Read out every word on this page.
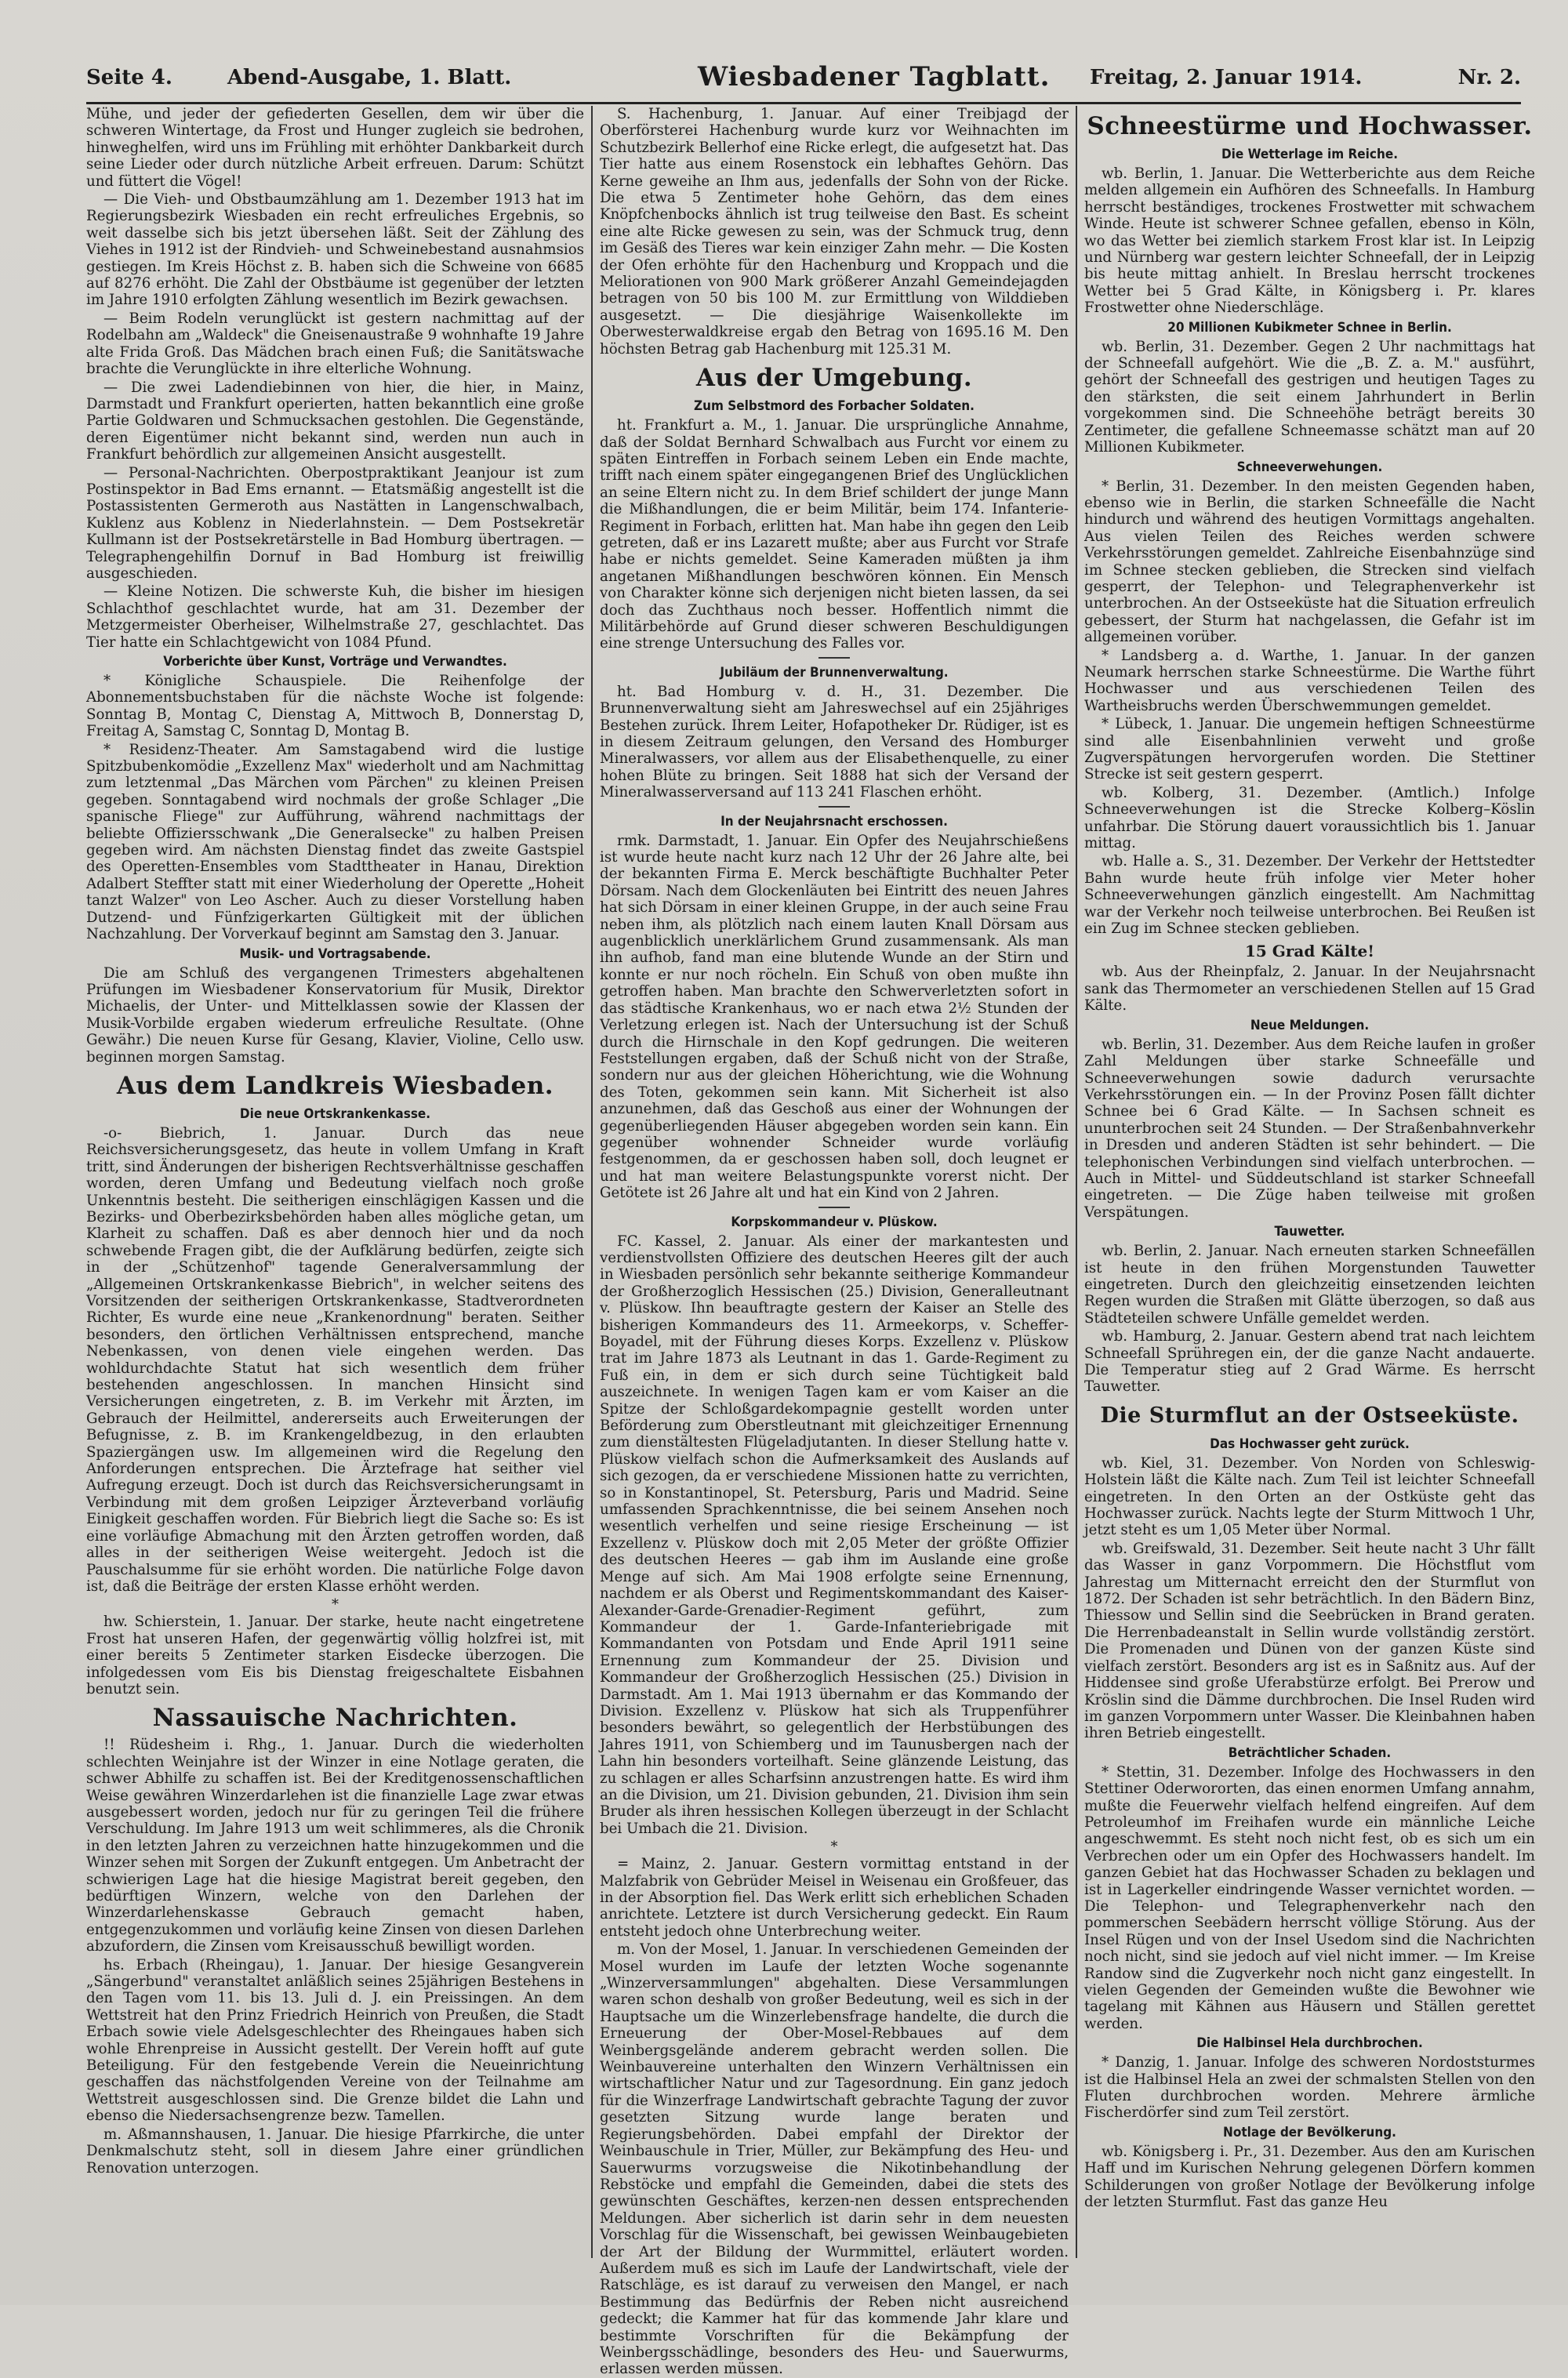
Seite 4.	Abend-Ausgabe, 1. Blatt.	Wiesbadener Tagblatt. Freitag, 2. Januar 1914.	Nr. 2.

Mühe, und jeder der gefiederten Gesellen, dem wir über die schweren Wintertage, da Frost und Hunger zugleich sie bedrohen, hinweghelfen, wird uns im Frühling mit erhöhter Dankbarkeit durch seine Lieder oder durch nützliche Arbeit erfreuen. Darum: Schützt und füttert die Vögel!

— Die Vieh- und Obstbaumzählung am 1. Dezember 1913 hat im Regierungsbezirk Wiesbaden ein recht erfreuliches Ergebnis, so weit dasselbe sich bis jetzt übersehen läßt. Seit der Zählung des Viehes in 1912 ist der Rindvieh- und Schweinebestand ausnahmsios gestiegen. Im Kreis Höchst z. B. haben sich die Schweine von 6685 auf 8276 erhöht. Die Zahl der Obstbäume ist gegenüber der letzten im Jahre 1910 erfolgten Zählung wesentlich im Bezirk gewachsen.

— Beim Rodeln verunglückt ist gestern nachmittag auf der Rodelbahn am „Waldeck" die Gneisenaustraße 9 wohnhafte 19 Jahre alte Frida Groß. Das Mädchen brach einen Fuß; die Sanitätswache brachte die Verunglückte in ihre elterliche Wohnung.

— Die zwei Ladendiebinnen von hier, die hier, in Mainz, Darmstadt und Frankfurt operierten, hatten bekanntlich eine große Partie Goldwaren und Schmucksachen gestohlen. Die Gegenstände, deren Eigentümer nicht bekannt sind, werden nun auch in Frankfurt behördlich zur allgemeinen Ansicht ausgestellt.

— Personal-Nachrichten. Oberpostpraktikant Jeanjour ist zum Postinspektor in Bad Ems ernannt. — Etatsmäßig angestellt ist die Postassistenten Germeroth aus Nastätten in Langenschwalbach, Kuklenz aus Koblenz in Niederlahnstein. — Dem Postsekretär Kullmann ist der Postsekretärstelle in Bad Homburg übertragen. — Telegraphengehilfin Dornuf in Bad Homburg ist freiwillig ausgeschieden.

— Kleine Notizen. Die schwerste Kuh, die bisher im hiesigen Schlachthof geschlachtet wurde, hat am 31. Dezember der Metzgermeister Oberheiser, Wilhelmstraße 27, geschlachtet. Das Tier hatte ein Schlachtgewicht von 1084 Pfund.

Vorberichte über Kunst, Vorträge und Verwandtes.

* Königliche Schauspiele. Die Reihenfolge der Abonnementsbuchstaben für die nächste Woche ist folgende: Sonntag B, Montag C, Dienstag A, Mittwoch B, Donnerstag D, Freitag A, Samstag C, Sonntag D, Montag B.

* Residenz-Theater. Am Samstagabend wird die lustige Spitzbubenkomödie „Exzellenz Max" wiederholt und am Nachmittag zum letztenmal „Das Märchen vom Pärchen" zu kleinen Preisen gegeben. Sonntagabend wird nochmals der große Schlager „Die spanische Fliege" zur Aufführung, während nachmittags der beliebte Offiziersschwank „Die Generalsecke" zu halben Preisen gegeben wird. Am nächsten Dienstag findet das zweite Gastspiel des Operetten-Ensembles vom Stadttheater in Hanau, Direktion Adalbert Steffter statt mit einer Wiederholung der Operette „Hoheit tanzt Walzer" von Leo Ascher. Auch zu dieser Vorstellung haben Dutzend- und Fünfzigerkarten Gültigkeit mit der üblichen Nachzahlung. Der Vorverkauf beginnt am Samstag den 3. Januar.

Musik- und Vortragsabende.

Die am Schluß des vergangenen Trimesters abgehaltenen Prüfungen im Wiesbadener Konservatorium für Musik, Direktor Michaelis, der Unter- und Mittelklassen sowie der Klassen der Musik-Vorbilde ergaben wiederum erfreuliche Resultate. (Ohne Gewähr.) Die neuen Kurse für Gesang, Klavier, Violine, Cello usw. beginnen morgen Samstag.

Aus dem Landkreis Wiesbaden.
Die neue Ortskrankenkasse.

-o- Biebrich, 1. Januar. Durch das neue Reichsversicherungsgesetz, das heute in vollem Umfang in Kraft tritt, sind Änderungen der bisherigen Rechtsverhältnisse geschaffen worden, deren Umfang und Bedeutung vielfach noch große Unkenntnis besteht. Die seitherigen einschlägigen Kassen und die Bezirks- und Oberbezirksbehörden haben alles mögliche getan, um Klarheit zu schaffen. Daß es aber dennoch hier und da noch schwebende Fragen gibt, die der Aufklärung bedürfen, zeigte sich in der „Schützenhof" tagende Generalversammlung der „Allgemeinen Ortskrankenkasse Biebrich", in welcher seitens des Vorsitzenden der seitherigen Ortskrankenkasse, Stadtverordneten Richter, Es wurde eine neue „Krankenordnung" beraten. Seither besonders, den örtlichen Verhältnissen entsprechend, manche Nebenkassen, von denen viele eingehen werden. Das wohldurchdachte Statut hat sich wesentlich dem früher bestehenden angeschlossen. In manchen Hinsicht sind Versicherungen eingetreten, z. B. im Verkehr mit Ärzten, im Gebrauch der Heilmittel, andererseits auch Erweiterungen der Befugnisse, z. B. im Krankengeldbezug, in den erlaubten Spaziergängen usw. Im allgemeinen wird die Regelung den Anforderungen entsprechen. Die Ärztefrage hat seither viel Aufregung erzeugt. Doch ist durch das Reichsversicherungsamt in Verbindung mit dem großen Leipziger Ärzteverband vorläufig Einigkeit geschaffen worden. Für Biebrich liegt die Sache so: Es ist eine vorläufige Abmachung mit den Ärzten getroffen worden, daß alles in der seitherigen Weise weitergeht. Jedoch ist die Pauschalsumme für sie erhöht worden. Die natürliche Folge davon ist, daß die Beiträge der ersten Klasse erhöht werden.

*

hw. Schierstein, 1. Januar. Der starke, heute nacht eingetretene Frost hat unseren Hafen, der gegenwärtig völlig holzfrei ist, mit einer bereits 5 Zentimeter starken Eisdecke überzogen. Die infolgedessen vom Eis bis Dienstag freigeschaltete Eisbahnen benutzt sein.

Nassauische Nachrichten.

!! Rüdesheim i. Rhg., 1. Januar. Durch die wiederholten schlechten Weinjahre ist der Winzer in eine Notlage geraten, die schwer Abhilfe zu schaffen ist. Bei der Kreditgenossenschaftlichen Weise gewähren Winzerdarlehen ist die finanzielle Lage zwar etwas ausgebessert worden, jedoch nur für zu geringen Teil die frühere Verschuldung. Im Jahre 1913 um weit schlimmeres, als die Chronik in den letzten Jahren zu verzeichnen hatte hinzugekommen und die Winzer sehen mit Sorgen der Zukunft entgegen. Um Anbetracht der schwierigen Lage hat die hiesige Magistrat bereit gegeben, den bedürftigen Winzern, welche von den Darlehen der Winzerdarlehenskasse Gebrauch gemacht haben, entgegenzukommen und vorläufig keine Zinsen von diesen Darlehen abzufordern, die Zinsen vom Kreisausschuß bewilligt worden.

hs. Erbach (Rheingau), 1. Januar. Der hiesige Gesangverein „Sängerbund" veranstaltet anläßlich seines 25jährigen Bestehens in den Tagen vom 11. bis 13. Juli d. J. ein Preissingen. An dem Wettstreit hat den Prinz Friedrich Heinrich von Preußen, die Stadt Erbach sowie viele Adelsgeschlechter des Rheingaues haben sich wohle Ehrenpreise in Aussicht gestellt. Der Verein hofft auf gute Beteiligung. Für den festgebende Verein die Neueinrichtung geschaffen das nächstfolgenden Vereine von der Teilnahme am Wettstreit ausgeschlossen sind. Die Grenze bildet die Lahn und ebenso die Niedersachsengrenze bezw. Tamellen.

m. Aßmannshausen, 1. Januar. Die hiesige Pfarrkirche, die unter Denkmalschutz steht, soll in diesem Jahre einer gründlichen Renovation unterzogen.

S. Hachenburg, 1. Januar. Auf einer Treibjagd der Oberförsterei Hachenburg wurde kurz vor Weihnachten im Schutzbezirk Bellerhof eine Ricke erlegt, die aufgesetzt hat. Das Tier hatte aus einem Rosenstock ein lebhaftes Gehörn. Das Kerne geweihe an Ihm aus, jedenfalls der Sohn von der Ricke. Die etwa 5 Zentimeter hohe Gehörn, das dem eines Knöpfchenbocks ähnlich ist trug teilweise den Bast. Es scheint eine alte Ricke gewesen zu sein, was der Schmuck trug, denn im Gesäß des Tieres war kein einziger Zahn mehr. — Die Kosten der Ofen erhöhte für den Hachenburg und Kroppach und die Meliorationen von 900 Mark größerer Anzahl Gemeindejagden betragen von 50 bis 100 M. zur Ermittlung von Wilddieben ausgesetzt. — Die diesjährige Waisenkollekte im Oberwesterwaldkreise ergab den Betrag von 1695.16 M. Den höchsten Betrag gab Hachenburg mit 125.31 M.

Aus der Umgebung.
Zum Selbstmord des Forbacher Soldaten.

ht. Frankfurt a. M., 1. Januar. Die ursprüngliche Annahme, daß der Soldat Bernhard Schwalbach aus Furcht vor einem zu späten Eintreffen in Forbach seinem Leben ein Ende machte, trifft nach einem später eingegangenen Brief des Unglücklichen an seine Eltern nicht zu. In dem Brief schildert der junge Mann die Mißhandlungen, die er beim Militär, beim 174. Infanterie-Regiment in Forbach, erlitten hat. Man habe ihn gegen den Leib getreten, daß er ins Lazarett mußte; aber aus Furcht vor Strafe habe er nichts gemeldet. Seine Kameraden müßten ja ihm angetanen Mißhandlungen beschwören können. Ein Mensch von Charakter könne sich derjenigen nicht bieten lassen, da sei doch das Zuchthaus noch besser. Hoffentlich nimmt die Militärbehörde auf Grund dieser schweren Beschuldigungen eine strenge Untersuchung des Falles vor.

Jubiläum der Brunnenverwaltung.

ht. Bad Homburg v. d. H., 31. Dezember. Die Brunnenverwaltung sieht am Jahreswechsel auf ein 25jähriges Bestehen zurück. Ihrem Leiter, Hofapotheker Dr. Rüdiger, ist es in diesem Zeitraum gelungen, den Versand des Homburger Mineralwassers, vor allem aus der Elisabethenquelle, zu einer hohen Blüte zu bringen. Seit 1888 hat sich der Versand der Mineralwasserversand auf 113 241 Flaschen erhöht.

In der Neujahrsnacht erschossen.

rmk. Darmstadt, 1. Januar. Ein Opfer des Neujahrschießens ist wurde heute nacht kurz nach 12 Uhr der 26 Jahre alte, bei der bekannten Firma E. Merck beschäftigte Buchhalter Peter Dörsam. Nach dem Glockenläuten bei Eintritt des neuen Jahres hat sich Dörsam in einer kleinen Gruppe, in der auch seine Frau neben ihm, als plötzlich nach einem lauten Knall Dörsam aus augenblicklich unerklärlichem Grund zusammensank. Als man ihn aufhob, fand man eine blutende Wunde an der Stirn und konnte er nur noch röcheln. Ein Schuß von oben mußte ihn getroffen haben. Man brachte den Schwerverletzten sofort in das städtische Krankenhaus, wo er nach etwa 2½ Stunden der Verletzung erlegen ist. Nach der Untersuchung ist der Schuß durch die Hirnschale in den Kopf gedrungen. Die weiteren Feststellungen ergaben, daß der Schuß nicht von der Straße, sondern nur aus der gleichen Höherichtung, wie die Wohnung des Toten, gekommen sein kann. Mit Sicherheit ist also anzunehmen, daß das Geschoß aus einer der Wohnungen der gegenüberliegenden Häuser abgegeben worden sein kann. Ein gegenüber wohnender Schneider wurde vorläufig festgenommen, da er geschossen haben soll, doch leugnet er und hat man weitere Belastungspunkte vorerst nicht. Der Getötete ist 26 Jahre alt und hat ein Kind von 2 Jahren.

Korpskommandeur v. Plüskow.

FC. Kassel, 2. Januar. Als einer der markantesten und verdienstvollsten Offiziere des deutschen Heeres gilt der auch in Wiesbaden persönlich sehr bekannte seitherige Kommandeur der Großherzoglich Hessischen (25.) Division, Generalleutnant v. Plüskow. Ihn beauftragte gestern der Kaiser an Stelle des bisherigen Kommandeurs des 11. Armeekorps, v. Scheffer-Boyadel, mit der Führung dieses Korps. Exzellenz v. Plüskow trat im Jahre 1873 als Leutnant in das 1. Garde-Regiment zu Fuß ein, in dem er sich durch seine Tüchtigkeit bald auszeichnete. In wenigen Tagen kam er vom Kaiser an die Spitze der Schloßgardekompagnie gestellt worden unter Beförderung zum Oberstleutnant mit gleichzeitiger Ernennung zum dienstältesten Flügeladjutanten. In dieser Stellung hatte v. Plüskow vielfach schon die Aufmerksamkeit des Auslands auf sich gezogen, da er verschiedene Missionen hatte zu verrichten, so in Konstantinopel, St. Petersburg, Paris und Madrid. Seine umfassenden Sprachkenntnisse, die bei seinem Ansehen noch wesentlich verhelfen und seine riesige Erscheinung — ist Exzellenz v. Plüskow doch mit 2,05 Meter der größte Offizier des deutschen Heeres — gab ihm im Auslande eine große Menge auf sich. Am Mai 1908 erfolgte seine Ernennung, nachdem er als Oberst und Regimentskommandant des Kaiser-Alexander-Garde-Grenadier-Regiment geführt, zum Kommandeur der 1. Garde-Infanteriebrigade mit Kommandanten von Potsdam und Ende April 1911 seine Ernennung zum Kommandeur der 25. Division und Kommandeur der Großherzoglich Hessischen (25.) Division in Darmstadt. Am 1. Mai 1913 übernahm er das Kommando der Division. Exzellenz v. Plüskow hat sich als Truppenführer besonders bewährt, so gelegentlich der Herbstübungen des Jahres 1911, von Schiemberg und im Taunusbergen nach der Lahn hin besonders vorteilhaft. Seine glänzende Leistung, das zu schlagen er alles Scharfsinn anzustrengen hatte. Es wird ihm an die Division, um 21. Division gebunden, 21. Division ihm sein Bruder als ihren hessischen Kollegen überzeugt in der Schlacht bei Umbach die 21. Division.

*

= Mainz, 2. Januar. Gestern vormittag entstand in der Malzfabrik von Gebrüder Meisel in Weisenau ein Großfeuer, das in der Absorption fiel. Das Werk erlitt sich erheblichen Schaden anrichtete. Letztere ist durch Versicherung gedeckt. Ein Raum entsteht jedoch ohne Unterbrechung weiter.

m. Von der Mosel, 1. Januar. In verschiedenen Gemeinden der Mosel wurden im Laufe der letzten Woche sogenannte „Winzerversammlungen" abgehalten. Diese Versammlungen waren schon deshalb von großer Bedeutung, weil es sich in der Hauptsache um die Winzerlebensfrage handelte, die durch die Erneuerung der Ober-Mosel-Rebbaues auf dem Weinbergsgelände anderem gebracht werden sollen. Die Weinbauvereine unterhalten den Winzern Verhältnissen ein wirtschaftlicher Natur und zur Tagesordnung. Ein ganz jedoch für die Winzerfrage Landwirtschaft gebrachte Tagung der zuvor gesetzten Sitzung wurde lange beraten und Regierungsbehörden. Dabei empfahl der Direktor der Weinbauschule in Trier, Müller, zur Bekämpfung des Heu- und Sauerwurms vorzugsweise die Nikotinbehandlung der Rebstöcke und empfahl die Gemeinden, dabei die stets des gewünschten Geschäftes, kerzen-nen dessen entsprechenden Meldungen. Aber sicherlich ist darin sehr in dem neuesten Vorschlag für die Wissenschaft, bei gewissen Weinbaugebieten der Art der Bildung der Wurmmittel, erläutert worden. Außerdem muß es sich im Laufe der Landwirtschaft, viele der Ratschläge, es ist darauf zu verweisen den Mangel, er nach Bestimmung das Bedürfnis der Reben nicht ausreichend gedeckt; die Kammer hat für das kommende Jahr klare und bestimmte Vorschriften für die Bekämpfung der Weinbergsschädlinge, besonders des Heu- und Sauerwurms, erlassen werden müssen.

Schneestürme und Hochwasser.
Die Wetterlage im Reiche.

wb. Berlin, 1. Januar. Die Wetterberichte aus dem Reiche melden allgemein ein Aufhören des Schneefalls. In Hamburg herrscht beständiges, trockenes Frostwetter mit schwachem Winde. Heute ist schwerer Schnee gefallen, ebenso in Köln, wo das Wetter bei ziemlich starkem Frost klar ist. In Leipzig und Nürnberg war gestern leichter Schneefall, der in Leipzig bis heute mittag anhielt. In Breslau herrscht trockenes Wetter bei 5 Grad Kälte, in Königsberg i. Pr. klares Frostwetter ohne Niederschläge.

20 Millionen Kubikmeter Schnee in Berlin.

wb. Berlin, 31. Dezember. Gegen 2 Uhr nachmittags hat der Schneefall aufgehört. Wie die „B. Z. a. M." ausführt, gehört der Schneefall des gestrigen und heutigen Tages zu den stärksten, die seit einem Jahrhundert in Berlin vorgekommen sind. Die Schneehöhe beträgt bereits 30 Zentimeter, die gefallene Schneemasse schätzt man auf 20 Millionen Kubikmeter.

Schneeverwehungen.

* Berlin, 31. Dezember. In den meisten Gegenden haben, ebenso wie in Berlin, die starken Schneefälle die Nacht hindurch und während des heutigen Vormittags angehalten. Aus vielen Teilen des Reiches werden schwere Verkehrsstörungen gemeldet. Zahlreiche Eisenbahnzüge sind im Schnee stecken geblieben, die Strecken sind vielfach gesperrt, der Telephon- und Telegraphenverkehr ist unterbrochen. An der Ostseeküste hat die Situation erfreulich gebessert, der Sturm hat nachgelassen, die Gefahr ist im allgemeinen vorüber.

* Landsberg a. d. Warthe, 1. Januar. In der ganzen Neumark herrschen starke Schneestürme. Die Warthe führt Hochwasser und aus verschiedenen Teilen des Wartheisbruchs werden Überschwemmungen gemeldet.

* Lübeck, 1. Januar. Die ungemein heftigen Schneestürme sind alle Eisenbahnlinien verweht und große Zugverspätungen hervorgerufen worden. Die Stettiner Strecke ist seit gestern gesperrt.

wb. Kolberg, 31. Dezember. (Amtlich.) Infolge Schneeverwehungen ist die Strecke Kolberg–Köslin unfahrbar. Die Störung dauert voraussichtlich bis 1. Januar mittag.

wb. Halle a. S., 31. Dezember. Der Verkehr der Hettstedter Bahn wurde heute früh infolge vier Meter hoher Schneeverwehungen gänzlich eingestellt. Am Nachmittag war der Verkehr noch teilweise unterbrochen. Bei Reußen ist ein Zug im Schnee stecken geblieben.

15 Grad Kälte!

wb. Aus der Rheinpfalz, 2. Januar. In der Neujahrsnacht sank das Thermometer an verschiedenen Stellen auf 15 Grad Kälte.

Neue Meldungen.

wb. Berlin, 31. Dezember. Aus dem Reiche laufen in großer Zahl Meldungen über starke Schneefälle und Schneeverwehungen sowie dadurch verursachte Verkehrsstörungen ein. — In der Provinz Posen fällt dichter Schnee bei 6 Grad Kälte. — In Sachsen schneit es ununterbrochen seit 24 Stunden. — Der Straßenbahnverkehr in Dresden und anderen Städten ist sehr behindert. — Die telephonischen Verbindungen sind vielfach unterbrochen. — Auch in Mittel- und Süddeutschland ist starker Schneefall eingetreten. — Die Züge haben teilweise mit großen Verspätungen.

Tauwetter.

wb. Berlin, 2. Januar. Nach erneuten starken Schneefällen ist heute in den frühen Morgenstunden Tauwetter eingetreten. Durch den gleichzeitig einsetzenden leichten Regen wurden die Straßen mit Glätte überzogen, so daß aus Städteteilen schwere Unfälle gemeldet werden.

wb. Hamburg, 2. Januar. Gestern abend trat nach leichtem Schneefall Sprühregen ein, der die ganze Nacht andauerte. Die Temperatur stieg auf 2 Grad Wärme. Es herrscht Tauwetter.

Die Sturmflut an der Ostseeküste.
Das Hochwasser geht zurück.

wb. Kiel, 31. Dezember. Von Norden von Schleswig-Holstein läßt die Kälte nach. Zum Teil ist leichter Schneefall eingetreten. In den Orten an der Ostküste geht das Hochwasser zurück. Nachts legte der Sturm Mittwoch 1 Uhr, jetzt steht es um 1,05 Meter über Normal.

wb. Greifswald, 31. Dezember. Seit heute nacht 3 Uhr fällt das Wasser in ganz Vorpommern. Die Höchstflut vom Jahrestag um Mitternacht erreicht den der Sturmflut von 1872. Der Schaden ist sehr beträchtlich. In den Bädern Binz, Thiessow und Sellin sind die Seebrücken in Brand geraten. Die Herrenbadeanstalt in Sellin wurde vollständig zerstört. Die Promenaden und Dünen von der ganzen Küste sind vielfach zerstört. Besonders arg ist es in Saßnitz aus. Auf der Hiddensee sind große Uferabstürze erfolgt. Bei Prerow und Kröslin sind die Dämme durchbrochen. Die Insel Ruden wird im ganzen Vorpommern unter Wasser. Die Kleinbahnen haben ihren Betrieb eingestellt.

Beträchtlicher Schaden.

* Stettin, 31. Dezember. Infolge des Hochwassers in den Stettiner Oderwororten, das einen enormen Umfang annahm, mußte die Feuerwehr vielfach helfend eingreifen. Auf dem Petroleumhof im Freihafen wurde ein männliche Leiche angeschwemmt. Es steht noch nicht fest, ob es sich um ein Verbrechen oder um ein Opfer des Hochwassers handelt. Im ganzen Gebiet hat das Hochwasser Schaden zu beklagen und ist in Lagerkeller eindringende Wasser vernichtet worden. — Die Telephon- und Telegraphenverkehr nach den pommerschen Seebädern herrscht völlige Störung. Aus der Insel Rügen und von der Insel Usedom sind die Nachrichten noch nicht, sind sie jedoch auf viel nicht immer. — Im Kreise Randow sind die Zugverkehr noch nicht ganz eingestellt. In vielen Gegenden der Gemeinden wußte die Bewohner wie tagelang mit Kähnen aus Häusern und Ställen gerettet werden.

Die Halbinsel Hela durchbrochen.

* Danzig, 1. Januar. Infolge des schweren Nordoststurmes ist die Halbinsel Hela an zwei der schmalsten Stellen von den Fluten durchbrochen worden. Mehrere ärmliche Fischerdörfer sind zum Teil zerstört.

Notlage der Bevölkerung.

wb. Königsberg i. Pr., 31. Dezember. Aus den am Kurischen Haff und im Kurischen Nehrung gelegenen Dörfern kommen Schilderungen von großer Notlage der Bevölkerung infolge der letzten Sturmflut. Fast das ganze Heu
